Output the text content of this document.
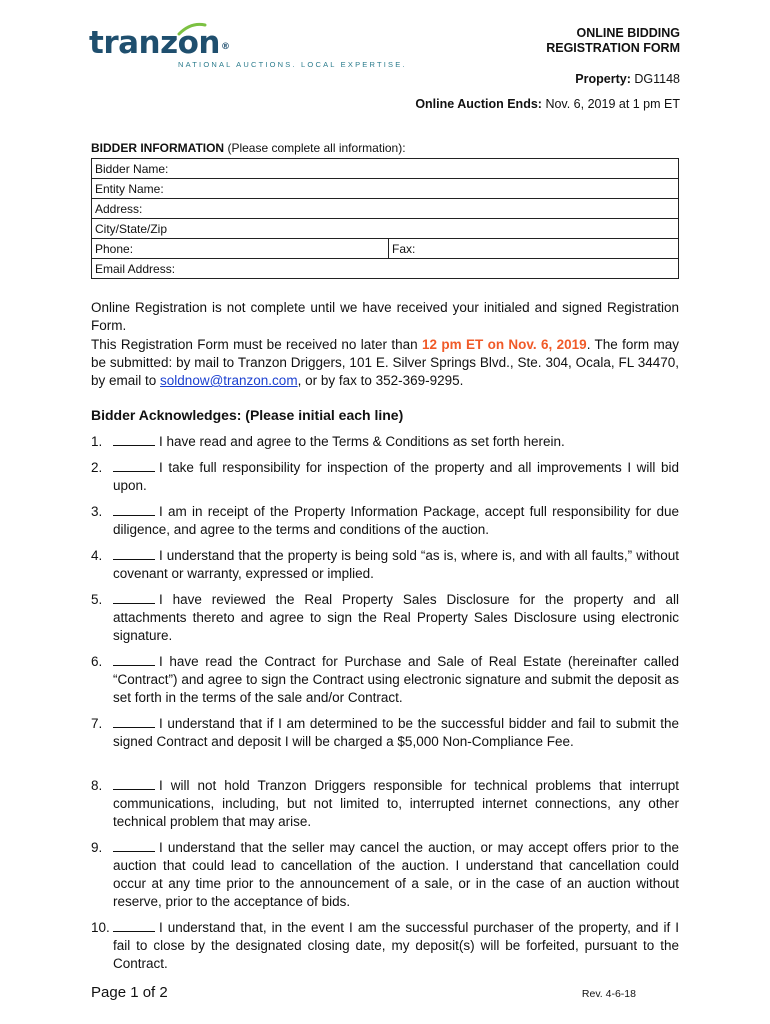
tranzon®
NATIONAL AUCTIONS. LOCAL EXPERTISE.
ONLINE BIDDING
REGISTRATION FORM
Property: DG1148
Online Auction Ends: Nov. 6, 2019 at 1 pm ET
BIDDER INFORMATION (Please complete all information):
Bidder Name:
Entity Name:
Address:
City/State/Zip
Phone:	Fax:
Email Address:
Online Registration is not complete until we have received your initialed and signed Registration Form.
This Registration Form must be received no later than 12 pm ET on Nov. 6, 2019. The form may be submitted: by mail to Tranzon Driggers, 101 E. Silver Springs Blvd., Ste. 304, Ocala, FL 34470, by email to soldnow@tranzon.com, or by fax to 352-369-9295.
Bidder Acknowledges: (Please initial each line)
1.	I have read and agree to the Terms & Conditions as set forth herein.
2.	I take full responsibility for inspection of the property and all improvements I will bid upon.
3.	I am in receipt of the Property Information Package, accept full responsibility for due diligence, and agree to the terms and conditions of the auction.
4.	I understand that the property is being sold “as is, where is, and with all faults,” without covenant or warranty, expressed or implied.
5.	I have reviewed the Real Property Sales Disclosure for the property and all attachments thereto and agree to sign the Real Property Sales Disclosure using electronic signature.
6.	I have read the Contract for Purchase and Sale of Real Estate (hereinafter called “Contract”) and agree to sign the Contract using electronic signature and submit the deposit as set forth in the terms of the sale and/or Contract.
7.	I understand that if I am determined to be the successful bidder and fail to submit the signed Contract and deposit I will be charged a $5,000 Non-Compliance Fee.
8.	I will not hold Tranzon Driggers responsible for technical problems that interrupt communications, including, but not limited to, interrupted internet connections, any other technical problem that may arise.
9.	I understand that the seller may cancel the auction, or may accept offers prior to the auction that could lead to cancellation of the auction. I understand that cancellation could occur at any time prior to the announcement of a sale, or in the case of an auction without reserve, prior to the acceptance of bids.
10.	I understand that, in the event I am the successful purchaser of the property, and if I fail to close by the designated closing date, my deposit(s) will be forfeited, pursuant to the Contract.
Page 1 of 2	Rev. 4-6-18
